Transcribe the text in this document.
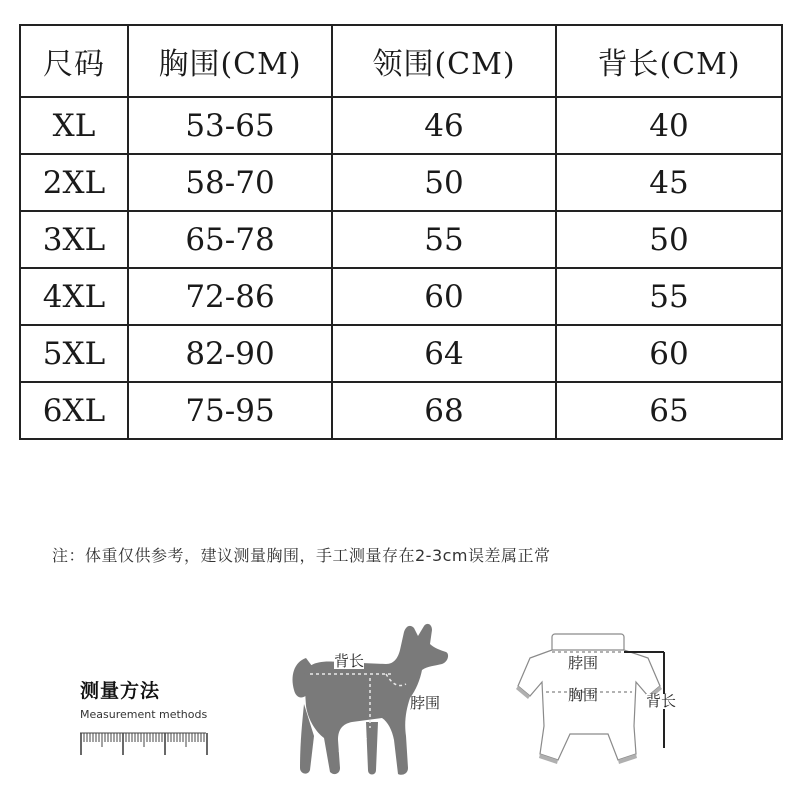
尺码	胸围(CM)	领围(CM)	背长(CM)
XL	53-65	46	40
2XL	58-70	50	45
3XL	65-78	55	50
4XL	72-86	60	55
5XL	82-90	64	60
6XL	75-95	68	65
注：体重仅供参考，建议测量胸围，手工测量存在2-3cm误差属正常
测量方法
Measurement methods
背长
脖围
胸围
脖围
胸围	背长
